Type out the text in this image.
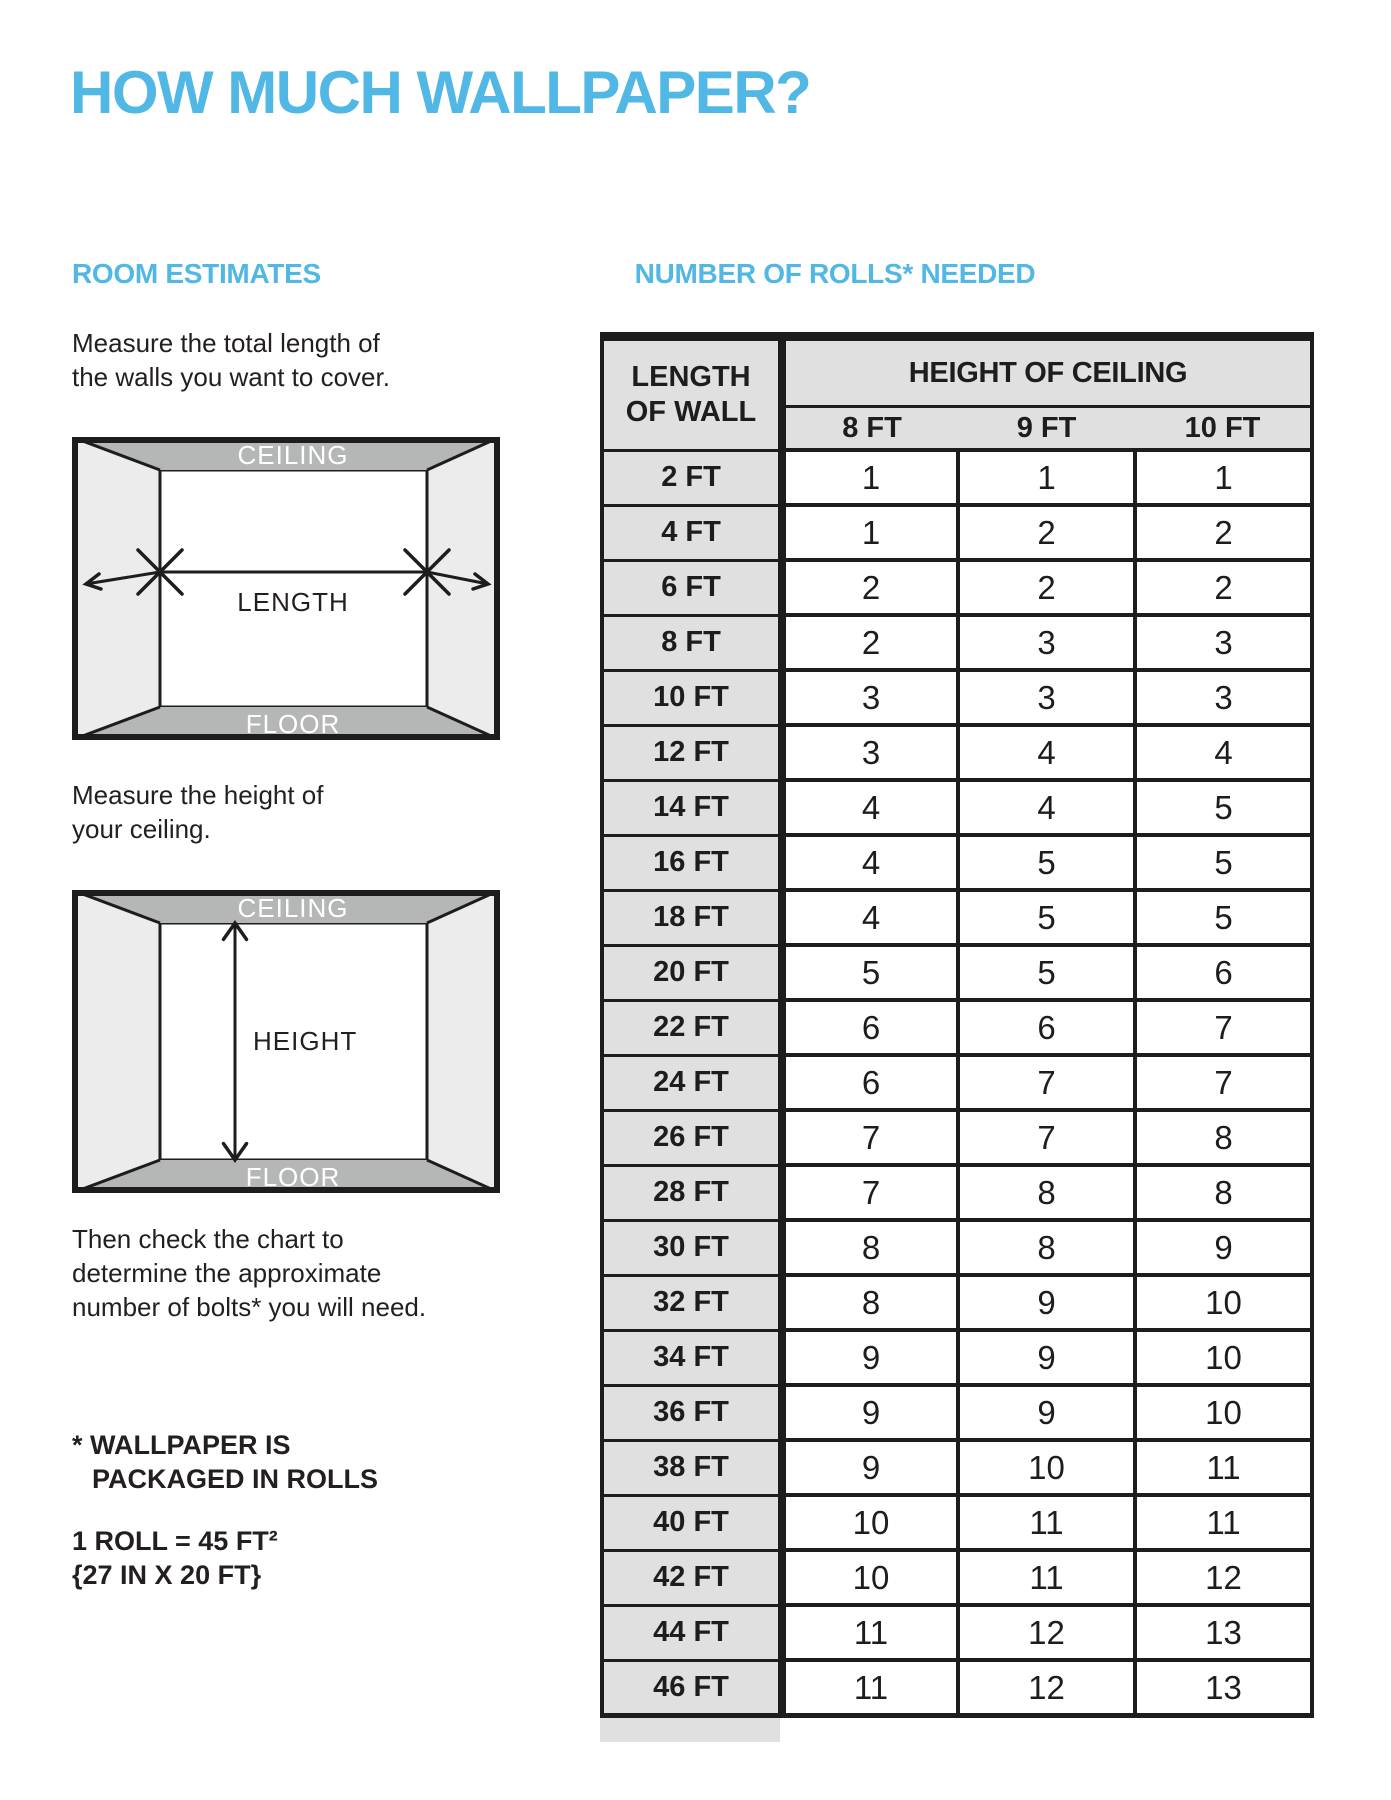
HOW MUCH WALLPAPER?
ROOM ESTIMATES

Measure the total length of
the walls you want to cover.

CEILING
FLOOR
LENGTH

Measure the height of
your ceiling.

CEILING
FLOOR
HEIGHT

Then check the chart to
determine the approximate
number of bolts* you will need.

* WALLPAPER IS
PACKAGED IN ROLLS

1 ROLL = 45 FT²
{27 IN X 20 FT}

NUMBER OF ROLLS* NEEDED
LENGTH
OF WALL	HEIGHT OF CEILING		
	8 FT	9 FT	10 FT
2 FT	1	1	1
4 FT	1	2	2
6 FT	2	2	2
8 FT	2	3	3
10 FT	3	3	3
12 FT	3	4	4
14 FT	4	4	5
16 FT	4	5	5
18 FT	4	5	5
20 FT	5	5	6
22 FT	6	6	7
24 FT	6	7	7
26 FT	7	7	8
28 FT	7	8	8
30 FT	8	8	9
32 FT	8	9	10
34 FT	9	9	10
36 FT	9	9	10
38 FT	9	10	11
40 FT	10	11	11
42 FT	10	11	12
44 FT	11	12	13
46 FT	11	12	13
